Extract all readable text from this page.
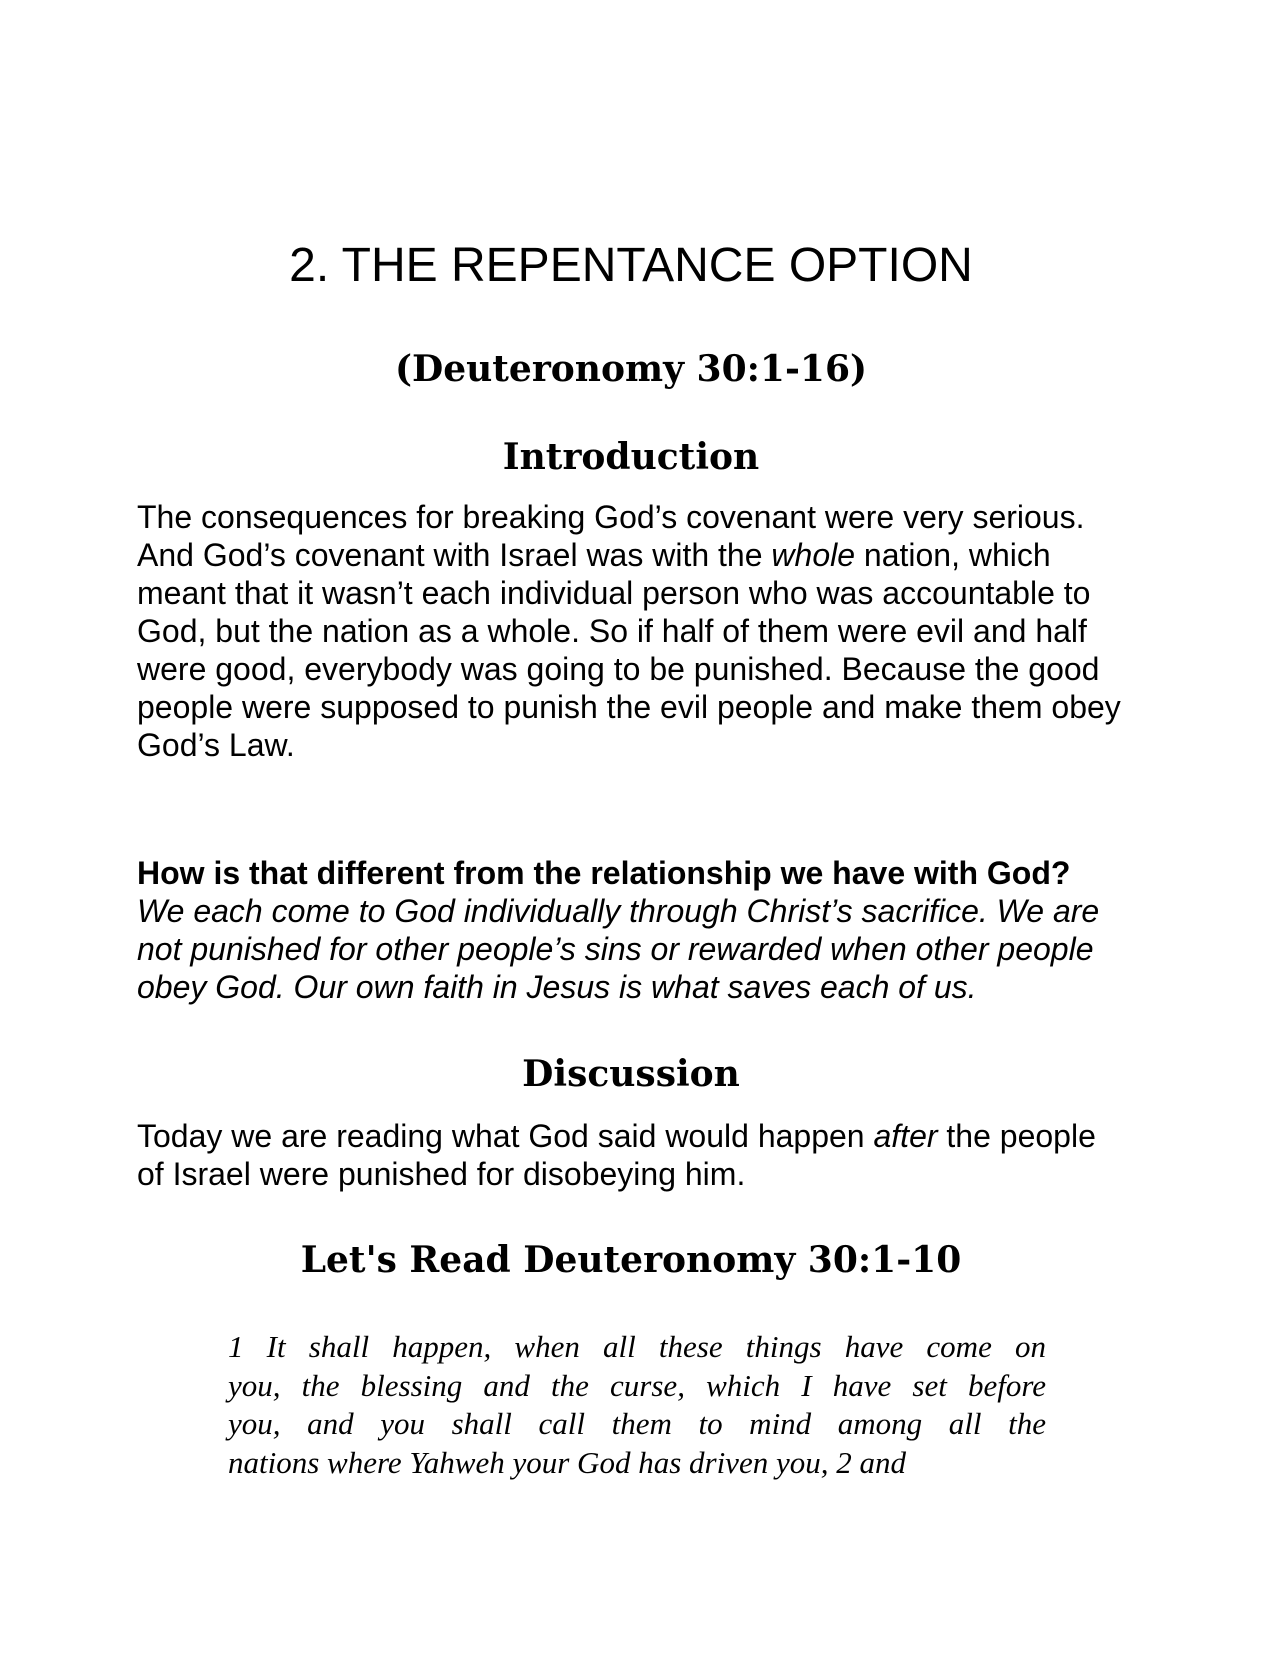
2. THE REPENTANCE OPTION
(Deuteronomy 30:1-16)
Introduction

The consequences for breaking God’s covenant were very serious. And God’s covenant with Israel was with the whole nation, which meant that it wasn’t each individual person who was accountable to God, but the nation as a whole. So if half of them were evil and half were good, everybody was going to be punished. Because the good people were supposed to punish the evil people and make them obey God’s Law.

How is that different from the relationship we have with God?

We each come to God individually through Christ’s sacrifice. We are not punished for other people’s sins or rewarded when other people obey God. Our own faith in Jesus is what saves each of us.

Discussion

Today we are reading what God said would happen after the people of Israel were punished for disobeying him.

Let's Read Deuteronomy 30:1-10
1 It shall happen, when all these things have come on
you, the blessing and the curse, which I have set before
you, and you shall call them to mind among all the
nations where Yahweh your God has driven you, 2 and
